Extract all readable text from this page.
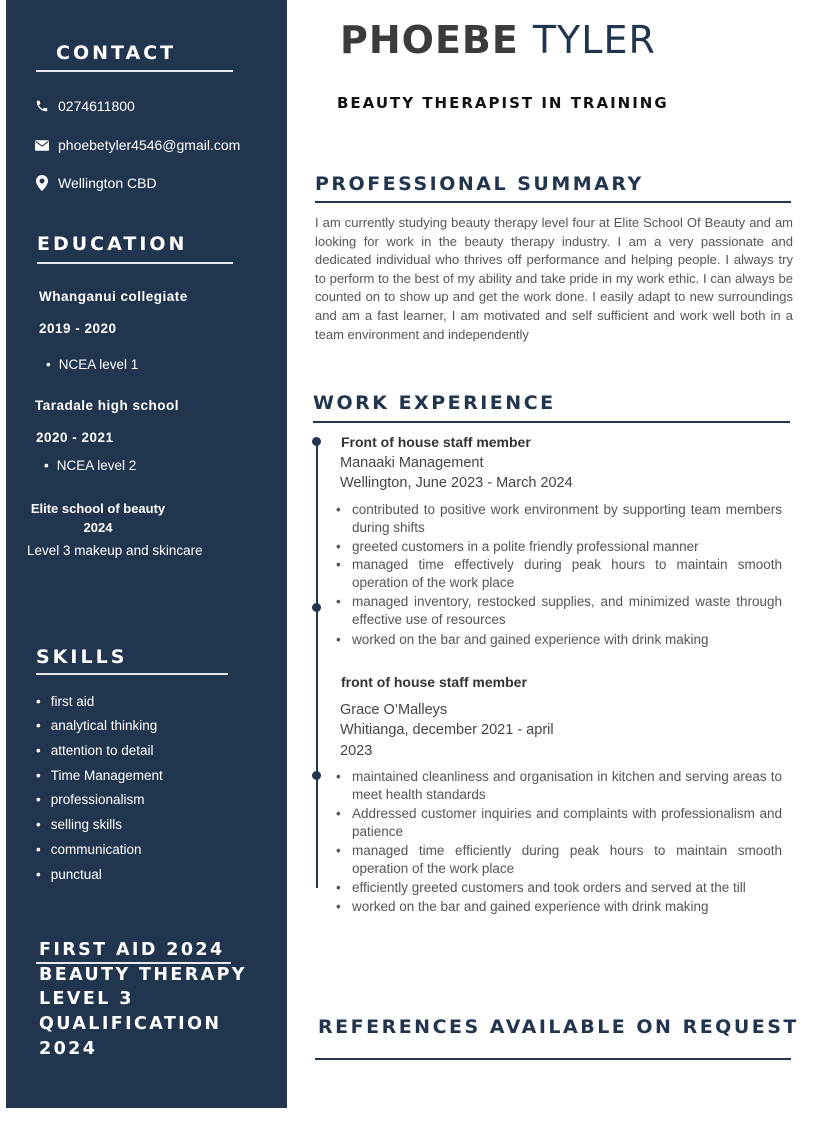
CONTACT
0274611800
phoebetyler4546@gmail.com
Wellington CBD
EDUCATION
Whanganui collegiate
2019 - 2020
• NCEA level 1
Taradale high school
2020 - 2021
• NCEA level 2
Elite school of beauty
2024
Level 3 makeup and skincare
SKILLS
• first aid
• analytical thinking
• attention to detail
• Time Management
• professionalism
• selling skills
• communication
• punctual
FIRST AID 2024
BEAUTY THERAPY
LEVEL 3
QUALIFICATION
2024
PHOEBE TYLER
BEAUTY THERAPIST IN TRAINING
PROFESSIONAL SUMMARY
I am currently studying beauty therapy level four at Elite School Of Beauty and am looking for work in the beauty therapy industry. I am a very passionate and dedicated individual who thrives off performance and helping people. I always try to perform to the best of my ability and take pride in my work ethic. I can always be counted on to show up and get the work done. I easily adapt to new surroundings and am a fast learner, I am motivated and self sufficient and work well both in a team environment and independently
WORK EXPERIENCE
Front of house staff member
Manaaki Management
Wellington, June 2023 - March 2024
• contributed to positive work environment by supporting team members during shifts
• greeted customers in a polite friendly professional manner
• managed time effectively during peak hours to maintain smooth operation of the work place
• managed inventory, restocked supplies, and minimized waste through effective use of resources
• worked on the bar and gained experience with drink making
front of house staff member
Grace O’Malleys
Whitianga, december 2021 - april
2023
• maintained cleanliness and organisation in kitchen and serving areas to meet health standards
• Addressed customer inquiries and complaints with professionalism and patience
• managed time efficiently during peak hours to maintain smooth operation of the work place
• efficiently greeted customers and took orders and served at the till
• worked on the bar and gained experience with drink making
REFERENCES AVAILABLE ON REQUEST
